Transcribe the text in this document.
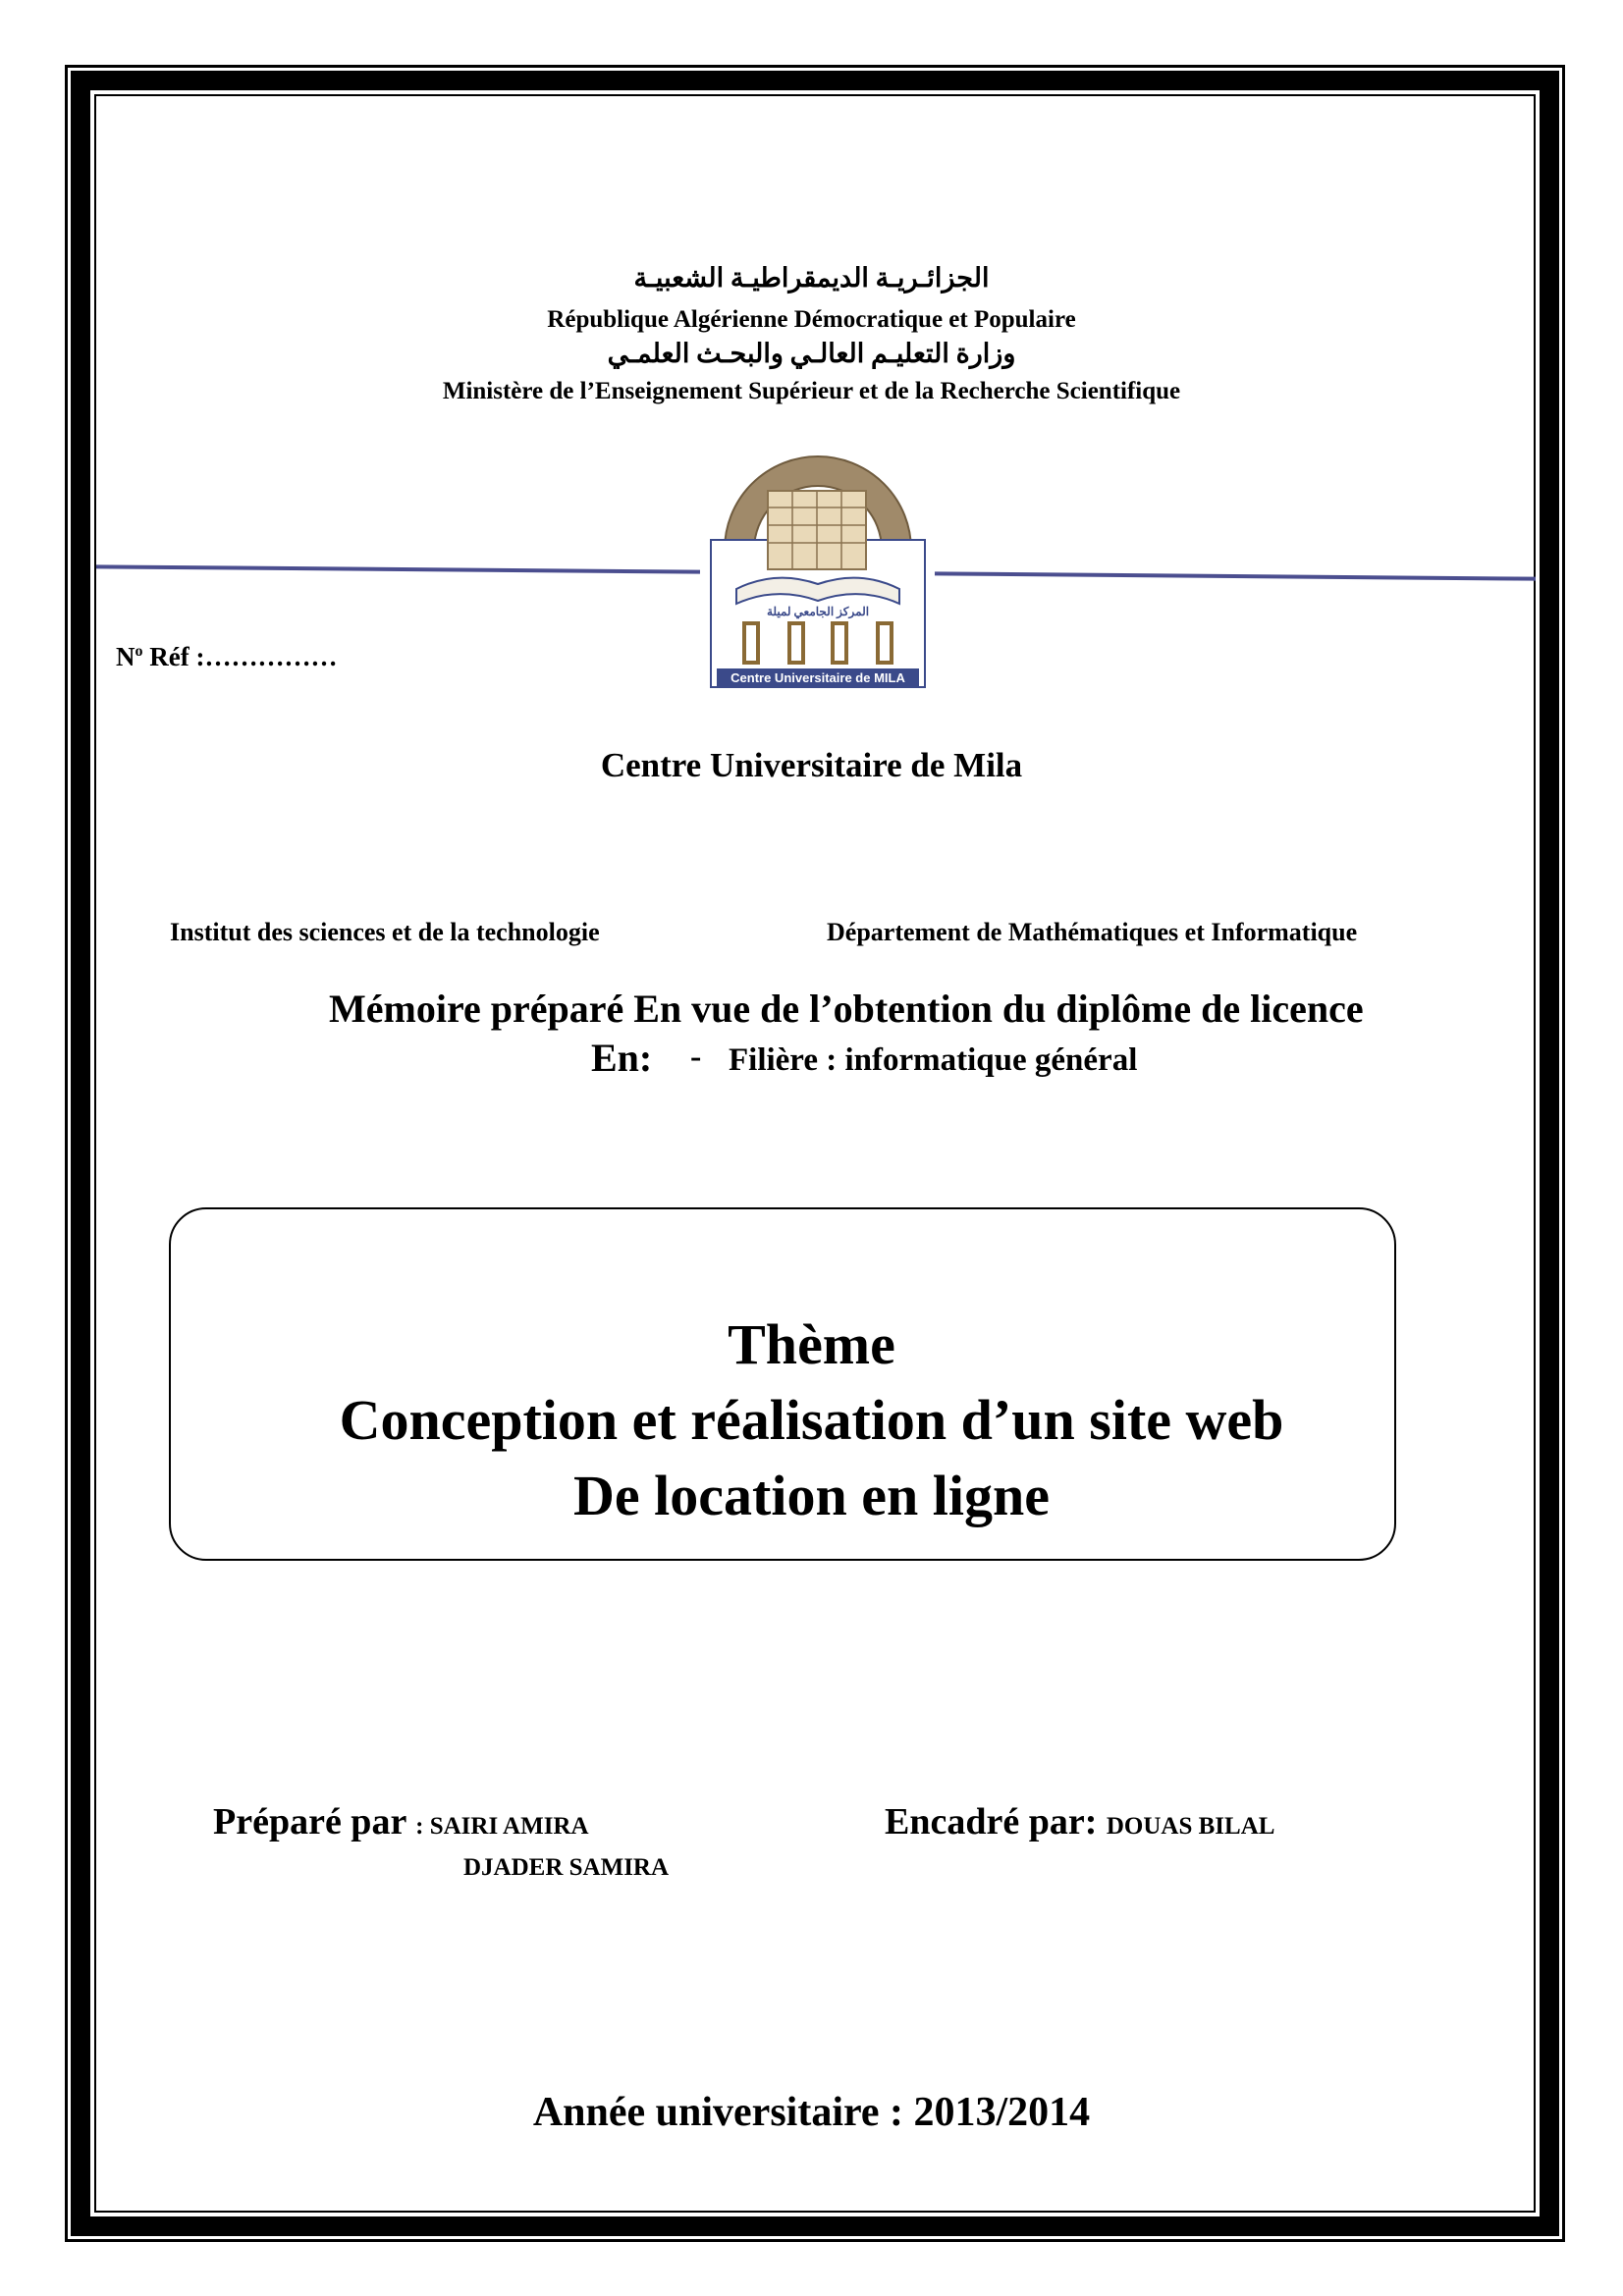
الجزائـريـة الديمقراطيـة الشعبيـة
République Algérienne Démocratique et Populaire
وزارة التعليـم العالـي والبحـث العلمـي
Ministère de l’Enseignement Supérieur et de la Recherche Scientifique
المركز الجامعي لميلة
Centre Universitaire de MILA
$N^o$ Réf :……………
Centre Universitaire de Mila
Institut des sciences et de la technologie	Département de Mathématiques et Informatique
Mémoire préparé En vue de l’obtention du diplôme de licence
En: - Filière : informatique général
Thème
Conception et réalisation d’un site web
De location en ligne
Préparé par : SAIRI AMIRA
DJADER SAMIRA
Encadré par: DOUAS BILAL
Année universitaire : 2013/2014
